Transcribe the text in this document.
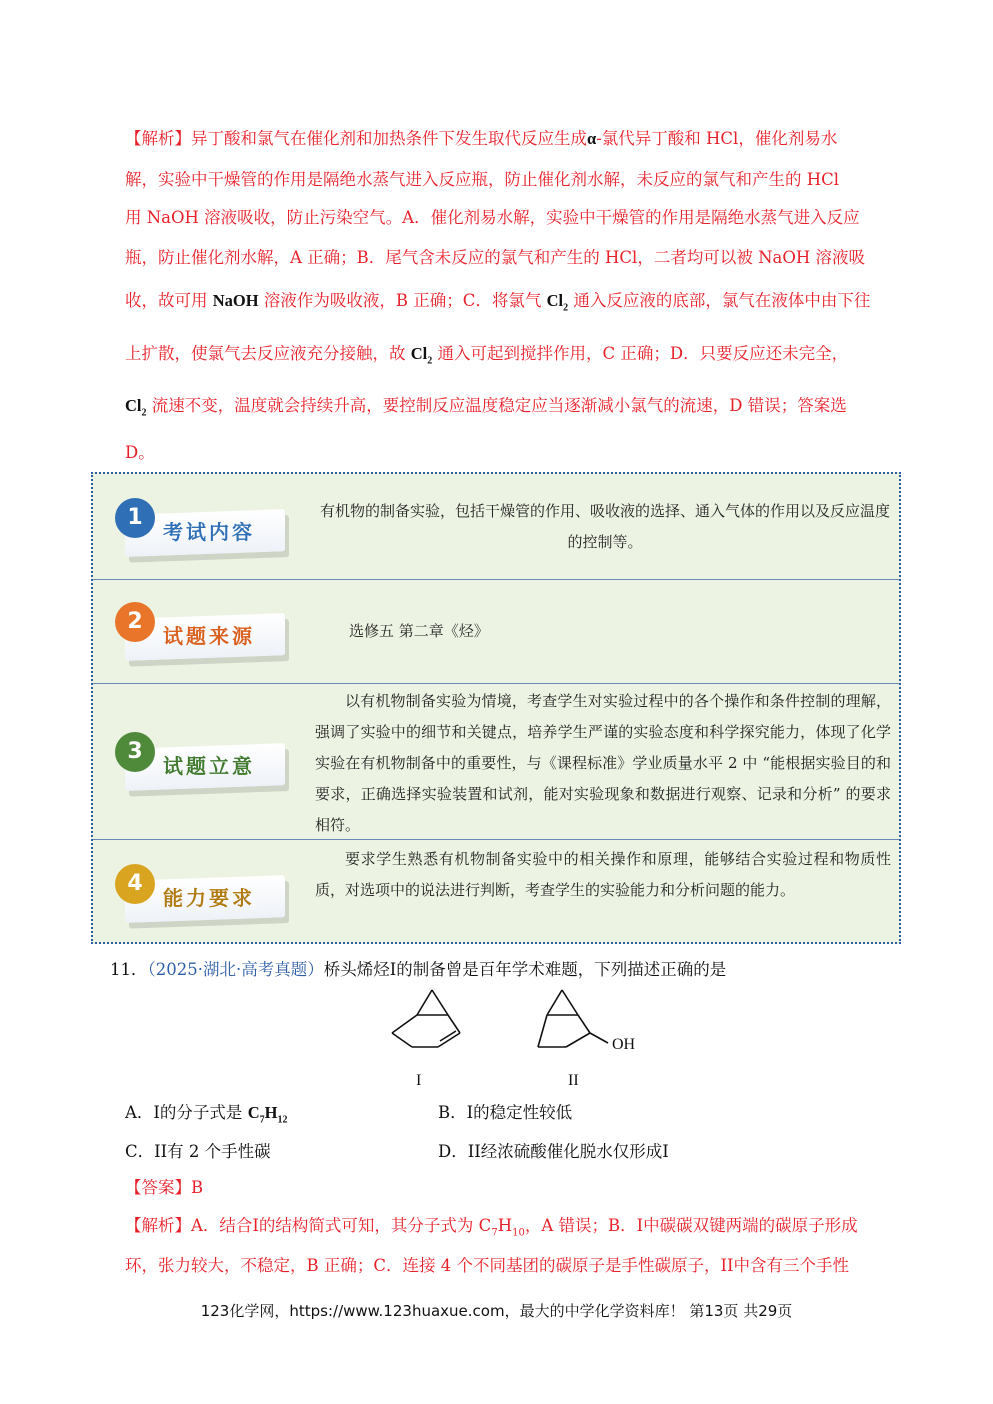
【解析】异丁酸和氯气在催化剂和加热条件下发生取代反应生成α-氯代异丁酸和 HCl，催化剂易水
解，实验中干燥管的作用是隔绝水蒸气进入反应瓶，防止催化剂水解，未反应的氯气和产生的 HCl
用 NaOH 溶液吸收，防止污染空气。A．催化剂易水解，实验中干燥管的作用是隔绝水蒸气进入反应
瓶，防止催化剂水解，A 正确；B．尾气含未反应的氯气和产生的 HCl，二者均可以被 NaOH 溶液吸
收，故可用 NaOH 溶液作为吸收液，B 正确；C．将氯气 $Cl_2$ 通入反应液的底部，氯气在液体中由下往
上扩散，使氯气去反应液充分接触，故 $Cl_2$ 通入可起到搅拌作用，C 正确；D．只要反应还未完全，
$Cl_2$ 流速不变，温度就会持续升高，要控制反应温度稳定应当逐渐减小氯气的流速，D 错误；答案选
D。
1
考试内容
有机物的制备实验，包括干燥管的作用、吸收液的选择、通入气体的作用以及反应温度的控制等。
2
试题来源	选修五 第二章《烃》
3
试题立意
以有机物制备实验为情境，考查学生对实验过程中的各个操作和条件控制的理解，强调了实验中的细节和关键点，培养学生严谨的实验态度和科学探究能力，体现了化学实验在有机物制备中的重要性，与《课程标准》学业质量水平 2 中 “能根据实验目的和要求，正确选择实验装置和试剂，能对实验现象和数据进行观察、记录和分析” 的要求相符。
4
能力要求
要求学生熟悉有机物制备实验中的相关操作和原理，能够结合实验过程和物质性质，对选项中的说法进行判断，考查学生的实验能力和分析问题的能力。
11．（2025·湖北·高考真题）桥头烯烃Ⅰ的制备曾是百年学术难题，下列描述正确的是
OH
I	II
A．I的分子式是 $C_7H_{12}$	B．I的稳定性较低
C．II有 2 个手性碳	D．II经浓硫酸催化脱水仅形成I
【答案】B
【解析】A．结合I的结构简式可知，其分子式为 $C_7H_{10}$，A 错误；B．I中碳碳双键两端的碳原子形成
环，张力较大，不稳定，B 正确；C．连接 4 个不同基团的碳原子是手性碳原子，II中含有三个手性
123化学网，https://www.123huaxue.com，最大的中学化学资料库！ 第13页 共29页
